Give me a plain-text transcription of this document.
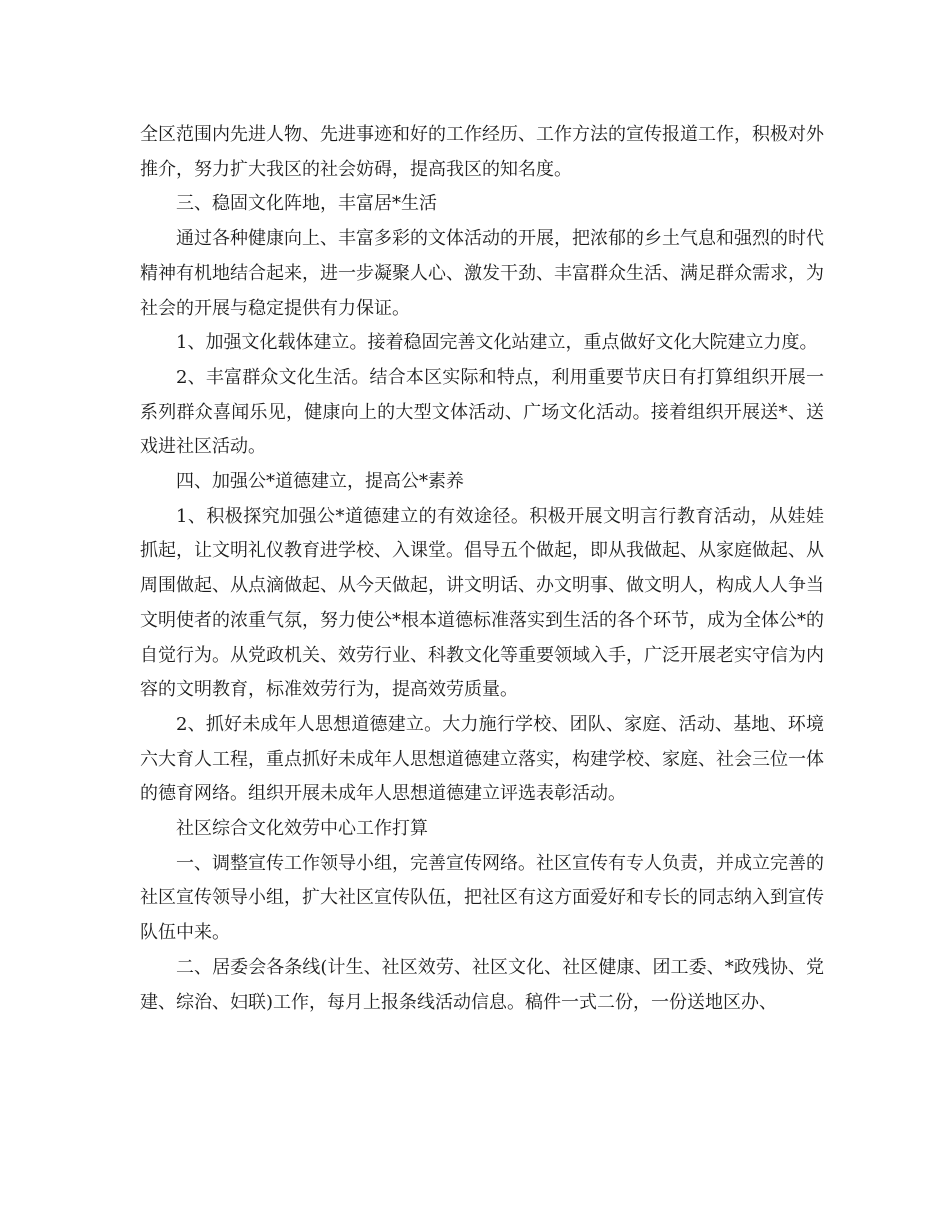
全区范围内先进人物、先进事迹和好的工作经历、工作方法的宣传报道工作，积极对外推介，努力扩大我区的社会妨碍，提高我区的知名度。

三、稳固文化阵地，丰富居*生活

通过各种健康向上、丰富多彩的文体活动的开展，把浓郁的乡土气息和强烈的时代精神有机地结合起来，进一步凝聚人心、激发干劲、丰富群众生活、满足群众需求，为社会的开展与稳定提供有力保证。

1、加强文化载体建立。接着稳固完善文化站建立，重点做好文化大院建立力度。

2、丰富群众文化生活。结合本区实际和特点，利用重要节庆日有打算组织开展一系列群众喜闻乐见，健康向上的大型文体活动、广场文化活动。接着组织开展送*、送戏进社区活动。

四、加强公*道德建立，提高公*素养

1、积极探究加强公*道德建立的有效途径。积极开展文明言行教育活动，从娃娃抓起，让文明礼仪教育进学校、入课堂。倡导五个做起，即从我做起、从家庭做起、从周围做起、从点滴做起、从今天做起，讲文明话、办文明事、做文明人，构成人人争当文明使者的浓重气氛，努力使公*根本道德标准落实到生活的各个环节，成为全体公*的自觉行为。从党政机关、效劳行业、科教文化等重要领域入手，广泛开展老实守信为内容的文明教育，标准效劳行为，提高效劳质量。

2、抓好未成年人思想道德建立。大力施行学校、团队、家庭、活动、基地、环境六大育人工程，重点抓好未成年人思想道德建立落实，构建学校、家庭、社会三位一体的德育网络。组织开展未成年人思想道德建立评选表彰活动。

社区综合文化效劳中心工作打算

一、调整宣传工作领导小组，完善宣传网络。社区宣传有专人负责，并成立完善的社区宣传领导小组，扩大社区宣传队伍，把社区有这方面爱好和专长的同志纳入到宣传队伍中来。

二、居委会各条线(计生、社区效劳、社区文化、社区健康、团工委、*政残协、党建、综治、妇联)工作，每月上报条线活动信息。稿件一式二份，一份送地区办、
